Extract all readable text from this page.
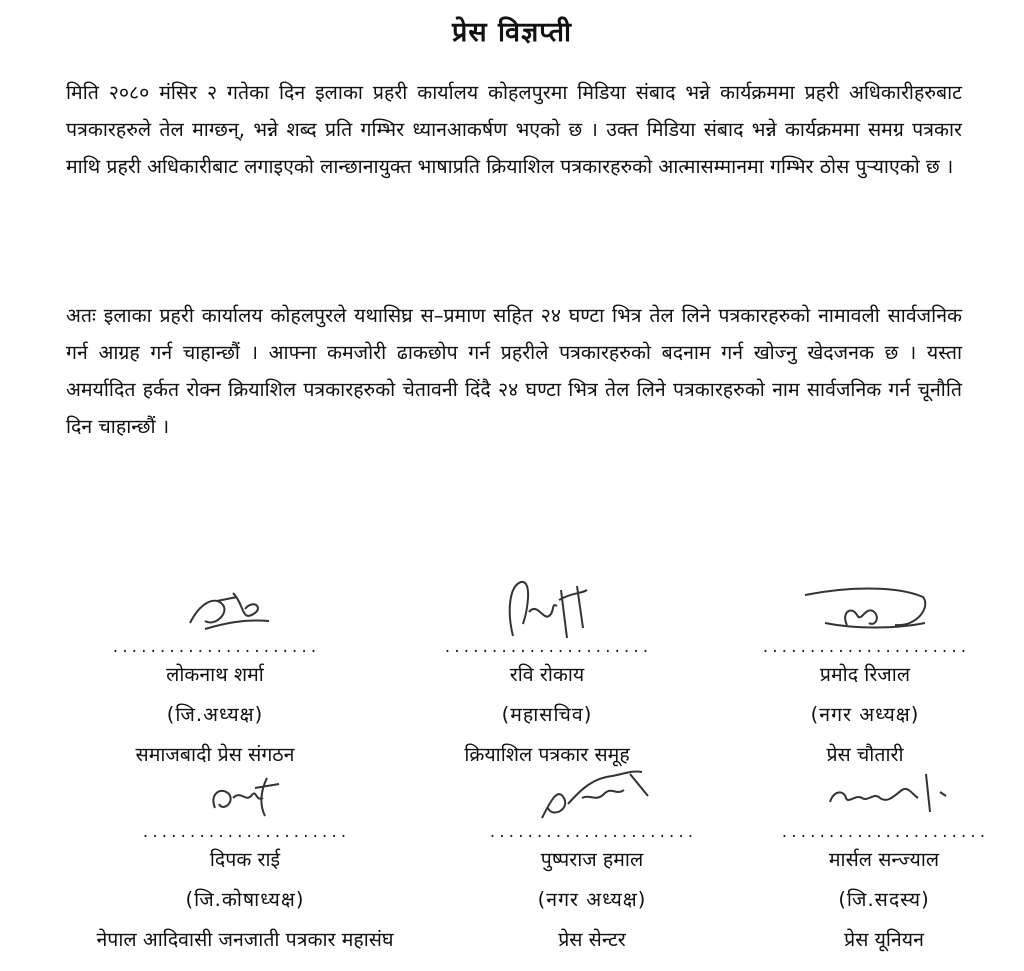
प्रेस विज्ञप्ती

मिति २०८० मंसिर २ गतेका दिन इलाका प्रहरी कार्यालय कोहलपुरमा मिडिया संबाद भन्ने कार्यक्रममा प्रहरी अधिकारीहरुबाट पत्रकारहरुले तेल माग्छन्, भन्ने शब्द प्रति गम्भिर ध्यानआकर्षण भएको छ । उक्त मिडिया संबाद भन्ने कार्यक्रममा समग्र पत्रकार माथि प्रहरी अधिकारीबाट लगाइएको लान्छानायुक्त भाषाप्रति क्रियाशिल पत्रकारहरुको आत्मासम्मानमा गम्भिर ठोस पुऱ्याएको छ ।

अतः इलाका प्रहरी कार्यालय कोहलपुरले यथासिघ्र स–प्रमाण सहित २४ घण्टा भित्र तेल लिने पत्रकारहरुको नामावली सार्वजनिक गर्न आग्रह गर्न चाहान्छौं । आफ्ना कमजोरी ढाकछोप गर्न प्रहरीले पत्रकारहरुको बदनाम गर्न खोज्नु खेदजनक छ । यस्ता अमर्यादित हर्कत रोक्न क्रियाशिल पत्रकारहरुको चेतावनी दिंदै २४ घण्टा भित्र तेल लिने पत्रकारहरुको नाम सार्वजनिक गर्न चूनौति दिन चाहान्छौं ।

......................
लोकनाथ शर्मा
(जि.अध्यक्ष)
समाजबादी प्रेस संगठन
......................
रवि रोकाय
(महासचिव)
क्रियाशिल पत्रकार समूह
......................
प्रमोद रिजाल
(नगर अध्यक्ष)
प्रेस चौतारी
......................
दिपक राई
(जि.कोषाध्यक्ष)
नेपाल आदिवासी जनजाती पत्रकार महासंघ
......................
पुष्पराज हमाल
(नगर अध्यक्ष)
प्रेस सेन्टर
......................
मार्सल सन्ज्याल
(जि.सदस्य)
प्रेस यूनियन
